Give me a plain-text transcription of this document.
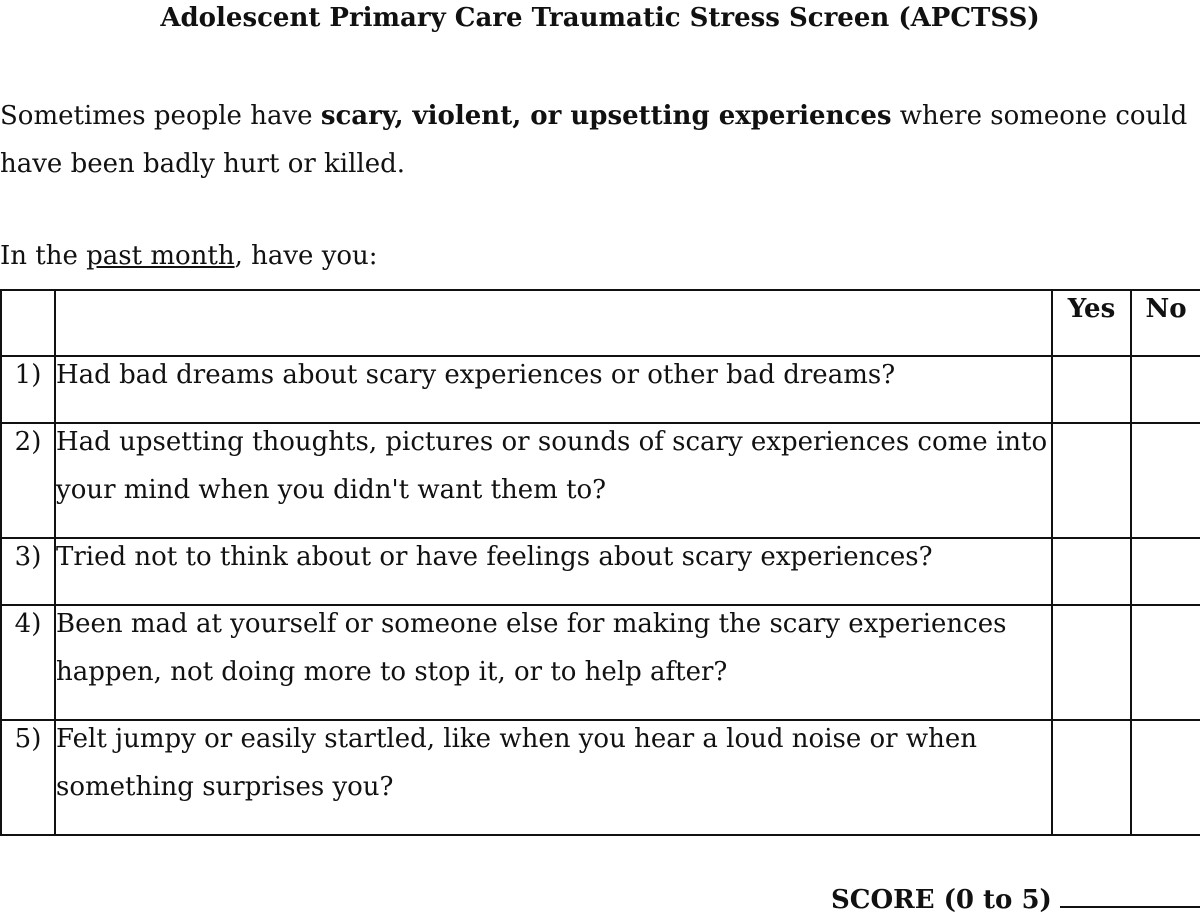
Adolescent Primary Care Traumatic Stress Screen (APCTSS)

Sometimes people have scary, violent, or upsetting experiences where someone could have been badly hurt or killed.

In the past month, have you:

		Yes	No
1)	Had bad dreams about scary experiences or other bad dreams?		

2)	Had upsetting thoughts, pictures or sounds of scary experiences come into your mind when you didn't want them to?		

3)	Tried not to think about or have feelings about scary experiences?		

4)	Been mad at yourself or someone else for making the scary experiences happen, not doing more to stop it, or to help after?		

5)	Felt jumpy or easily startled, like when you hear a loud noise or when something surprises you?		

SCORE (0 to 5)
